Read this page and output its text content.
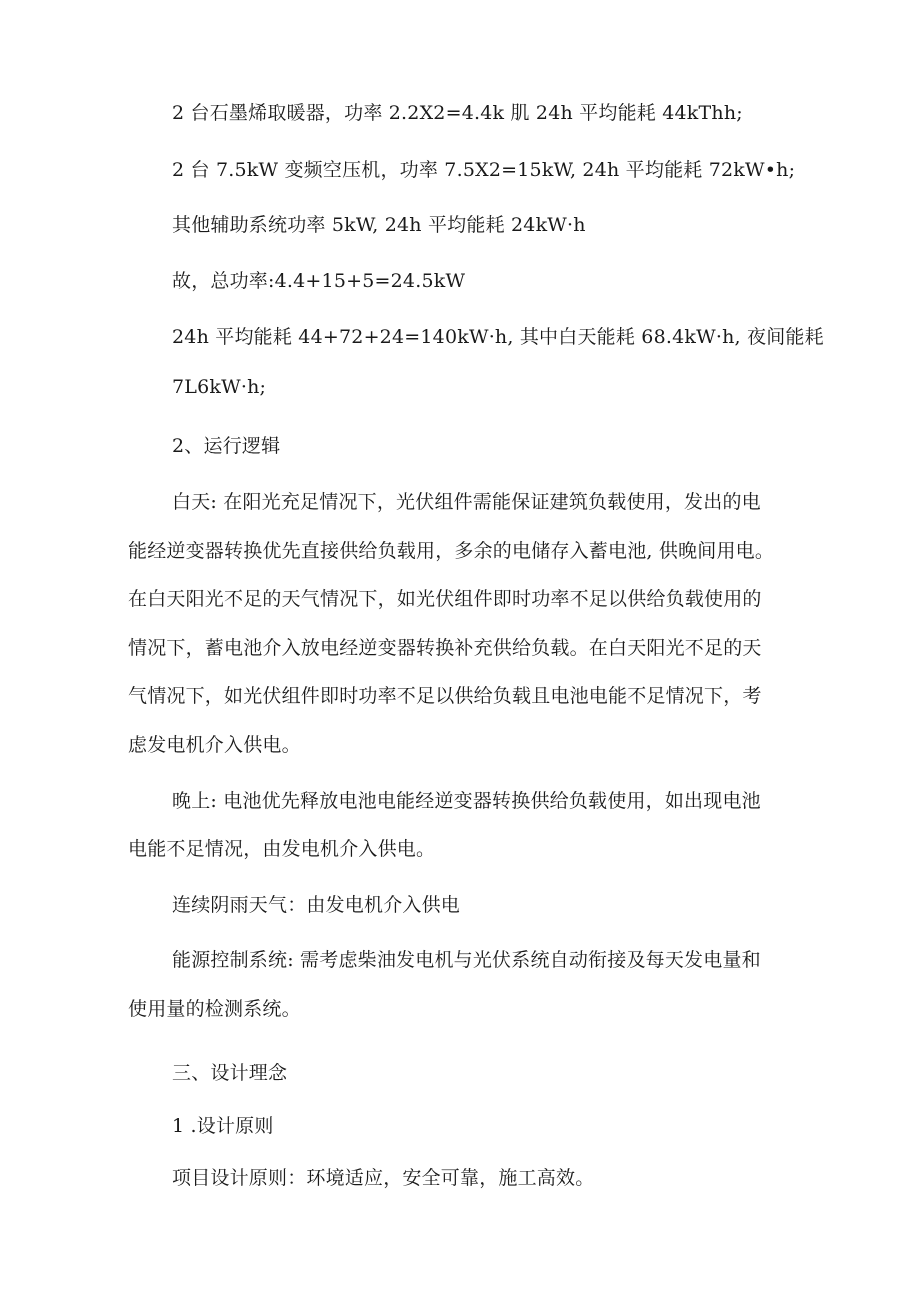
2 台石墨烯取暖器，功率 2.2X2=4.4k 肌 24h 平均能耗 44kThh;
2 台 7.5kW 变频空压机，功率 7.5X2=15kW, 24h 平均能耗 72kW•h;
其他辅助系统功率 5kW, 24h 平均能耗 24kW·h
故，总功率:4.4+15+5=24.5kW
24h 平均能耗 44+72+24=140kW·h, 其中白天能耗 68.4kW·h, 夜间能耗
7L6kW·h;
2、运行逻辑
白天: 在阳光充足情况下，光伏组件需能保证建筑负载使用，发出的电
能经逆变器转换优先直接供给负载用，多余的电储存入蓄电池, 供晚间用电。
在白天阳光不足的天气情况下，如光伏组件即时功率不足以供给负载使用的
情况下，蓄电池介入放电经逆变器转换补充供给负载。在白天阳光不足的天
气情况下，如光伏组件即时功率不足以供给负载且电池电能不足情况下，考
虑发电机介入供电。
晚上: 电池优先释放电池电能经逆变器转换供给负载使用，如出现电池
电能不足情况，由发电机介入供电。
连续阴雨天气：由发电机介入供电
能源控制系统: 需考虑柴油发电机与光伏系统自动衔接及每天发电量和
使用量的检测系统。
三、设计理念
1 .设计原则
项目设计原则：环境适应，安全可靠，施工高效。
